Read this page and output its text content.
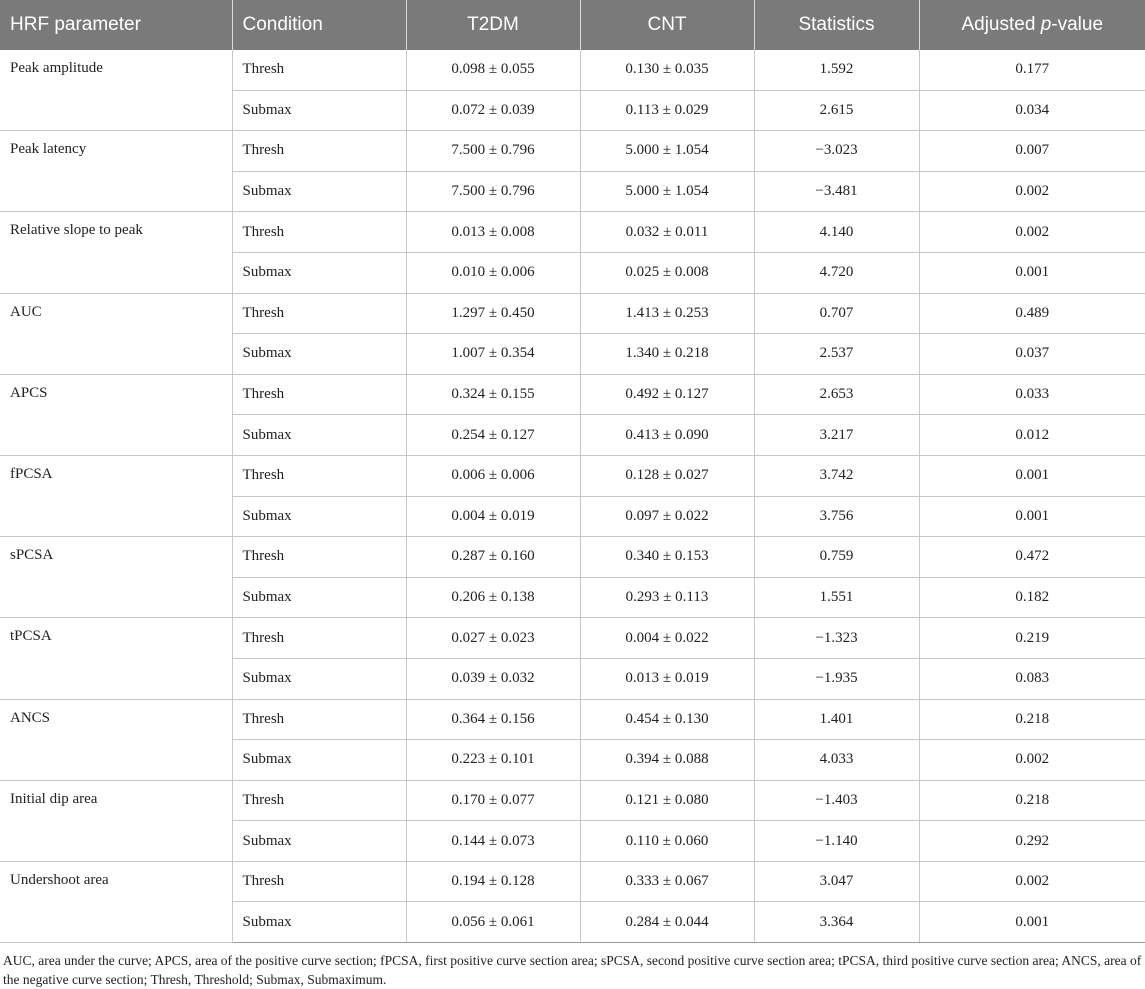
HRF parameter	Condition	T2DM	CNT	Statistics	Adjusted p-value
Peak amplitude	Thresh	0.098 ± 0.055	0.130 ± 0.035	1.592	0.177
	Submax	0.072 ± 0.039	0.113 ± 0.029	2.615	0.034
Peak latency	Thresh	7.500 ± 0.796	5.000 ± 1.054	−3.023	0.007
	Submax	7.500 ± 0.796	5.000 ± 1.054	−3.481	0.002
Relative slope to peak	Thresh	0.013 ± 0.008	0.032 ± 0.011	4.140	0.002
	Submax	0.010 ± 0.006	0.025 ± 0.008	4.720	0.001
AUC	Thresh	1.297 ± 0.450	1.413 ± 0.253	0.707	0.489
	Submax	1.007 ± 0.354	1.340 ± 0.218	2.537	0.037
APCS	Thresh	0.324 ± 0.155	0.492 ± 0.127	2.653	0.033
	Submax	0.254 ± 0.127	0.413 ± 0.090	3.217	0.012
fPCSA	Thresh	0.006 ± 0.006	0.128 ± 0.027	3.742	0.001
	Submax	0.004 ± 0.019	0.097 ± 0.022	3.756	0.001
sPCSA	Thresh	0.287 ± 0.160	0.340 ± 0.153	0.759	0.472
	Submax	0.206 ± 0.138	0.293 ± 0.113	1.551	0.182
tPCSA	Thresh	0.027 ± 0.023	0.004 ± 0.022	−1.323	0.219
	Submax	0.039 ± 0.032	0.013 ± 0.019	−1.935	0.083
ANCS	Thresh	0.364 ± 0.156	0.454 ± 0.130	1.401	0.218
	Submax	0.223 ± 0.101	0.394 ± 0.088	4.033	0.002
Initial dip area	Thresh	0.170 ± 0.077	0.121 ± 0.080	−1.403	0.218
	Submax	0.144 ± 0.073	0.110 ± 0.060	−1.140	0.292
Undershoot area	Thresh	0.194 ± 0.128	0.333 ± 0.067	3.047	0.002
	Submax	0.056 ± 0.061	0.284 ± 0.044	3.364	0.001
AUC, area under the curve; APCS, area of the positive curve section; fPCSA, first positive curve section area; sPCSA, second positive curve section area; tPCSA, third positive curve section area; ANCS, area of the negative curve section; Thresh, Threshold; Submax, Submaximum.
